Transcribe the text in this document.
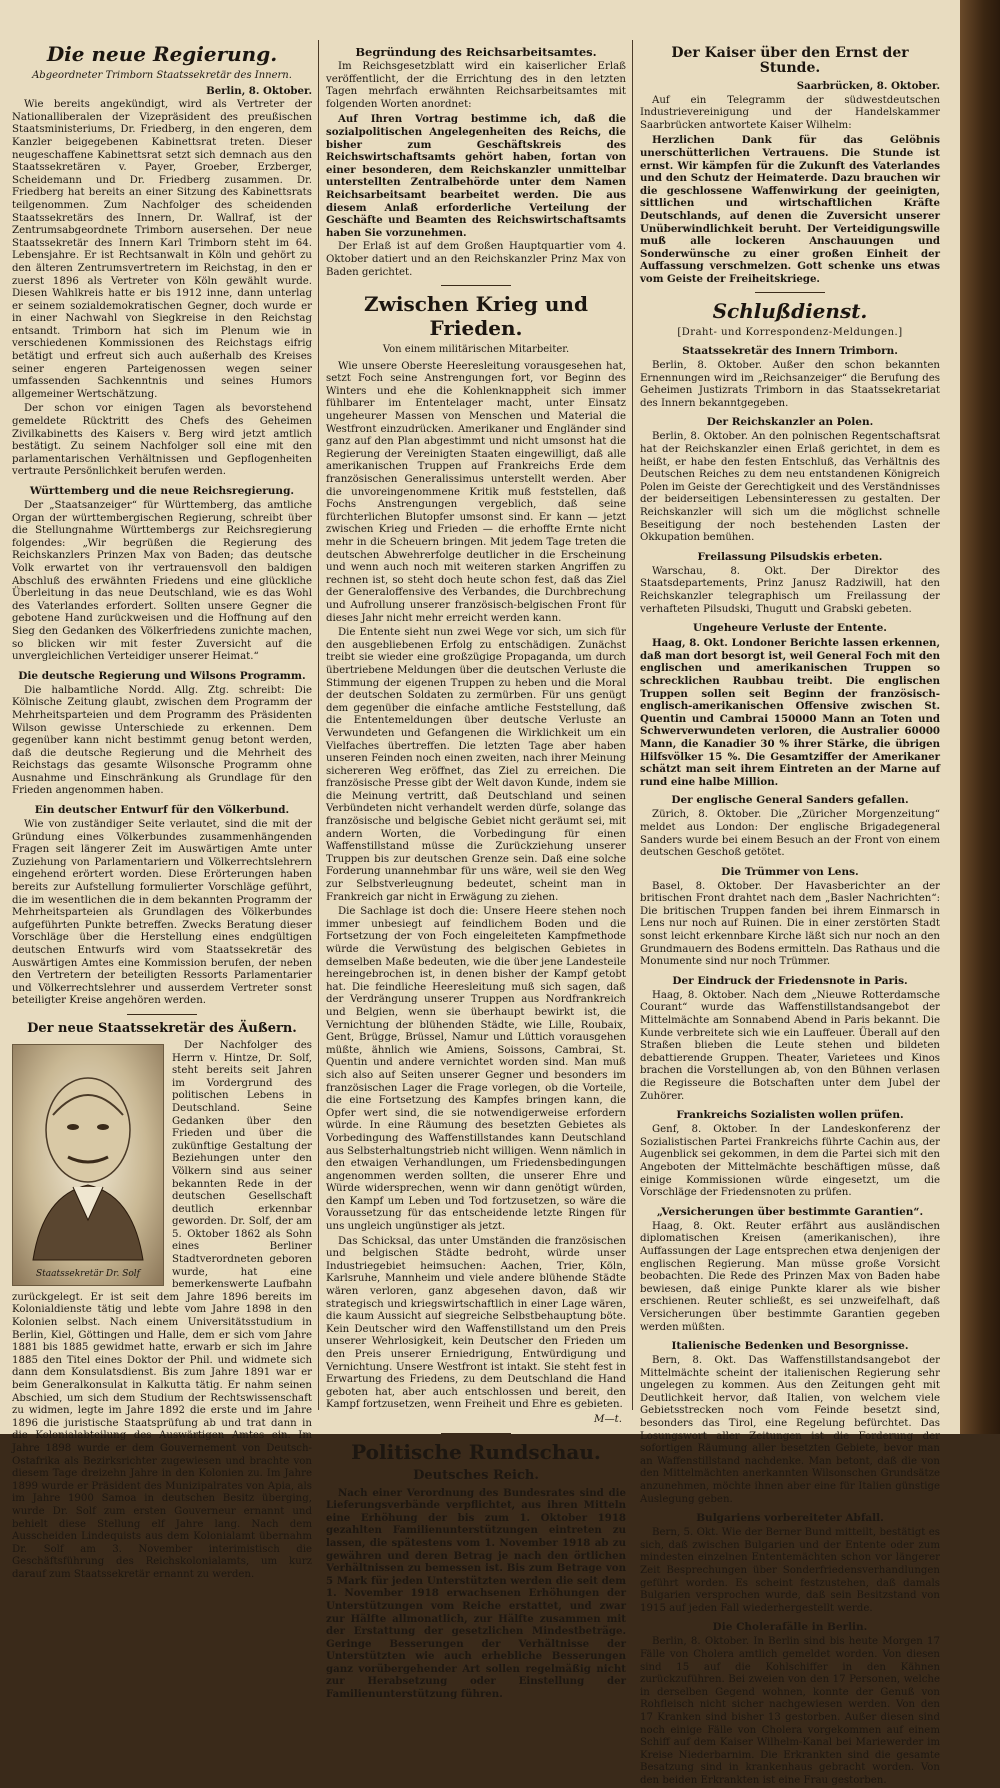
Die neue Regierung.
Abgeordneter Trimborn Staatssekretär des Innern.
Berlin, 8. Oktober.

Wie bereits angekündigt, wird als Vertreter der Nationalliberalen der Vizepräsident des preußischen Staatsministeriums, Dr. Friedberg, in den engeren, dem Kanzler beigegebenen Kabinettsrat treten. Dieser neugeschaffene Kabinettsrat setzt sich demnach aus den Staatssekretären v. Payer, Groeber, Erzberger, Scheidemann und Dr. Friedberg zusammen. Dr. Friedberg hat bereits an einer Sitzung des Kabinettsrats teilgenommen. Zum Nachfolger des scheidenden Staatssekretärs des Innern, Dr. Wallraf, ist der Zentrumsabgeordnete Trimborn ausersehen. Der neue Staatssekretär des Innern Karl Trimborn steht im 64. Lebensjahre. Er ist Rechtsanwalt in Köln und gehört zu den älteren Zentrumsvertretern im Reichstag, in den er zuerst 1896 als Vertreter von Köln gewählt wurde. Diesen Wahlkreis hatte er bis 1912 inne, dann unterlag er seinem sozialdemokratischen Gegner, doch wurde er in einer Nachwahl von Siegkreise in den Reichstag entsandt. Trimborn hat sich im Plenum wie in verschiedenen Kommissionen des Reichstags eifrig betätigt und erfreut sich auch außerhalb des Kreises seiner engeren Parteigenossen wegen seiner umfassenden Sachkenntnis und seines Humors allgemeiner Wertschätzung.

Der schon vor einigen Tagen als bevorstehend gemeldete Rücktritt des Chefs des Geheimen Zivilkabinetts des Kaisers v. Berg wird jetzt amtlich bestätigt. Zu seinem Nachfolger soll eine mit den parlamentarischen Verhältnissen und Gepflogenheiten vertraute Persönlichkeit berufen werden.

Württemberg und die neue Reichsregierung.

Der „Staatsanzeiger“ für Württemberg, das amtliche Organ der württembergischen Regierung, schreibt über die Stellungnahme Württembergs zur Reichsregierung folgendes: „Wir begrüßen die Regierung des Reichskanzlers Prinzen Max von Baden; das deutsche Volk erwartet von ihr vertrauensvoll den baldigen Abschluß des erwähnten Friedens und eine glückliche Überleitung in das neue Deutschland, wie es das Wohl des Vaterlandes erfordert. Sollten unsere Gegner die gebotene Hand zurückweisen und die Hoffnung auf den Sieg den Gedanken des Völkerfriedens zunichte machen, so blicken wir mit fester Zuversicht auf die unvergleichlichen Verteidiger unserer Heimat.“

Die deutsche Regierung und Wilsons Programm.

Die halbamtliche Nordd. Allg. Ztg. schreibt: Die Kölnische Zeitung glaubt, zwischen dem Programm der Mehrheitsparteien und dem Programm des Präsidenten Wilson gewisse Unterschiede zu erkennen. Dem gegenüber kann nicht bestimmt genug betont werden, daß die deutsche Regierung und die Mehrheit des Reichstags das gesamte Wilsonsche Programm ohne Ausnahme und Einschränkung als Grundlage für den Frieden angenommen haben.

Ein deutscher Entwurf für den Völkerbund.

Wie von zuständiger Seite verlautet, sind die mit der Gründung eines Völkerbundes zusammenhängenden Fragen seit längerer Zeit im Auswärtigen Amte unter Zuziehung von Parlamentariern und Völkerrechtslehrern eingehend erörtert worden. Diese Erörterungen haben bereits zur Aufstellung formulierter Vorschläge geführt, die im wesentlichen die in dem bekannten Programm der Mehrheitsparteien als Grundlagen des Völkerbundes aufgeführten Punkte betreffen. Zwecks Beratung dieser Vorschläge über die Herstellung eines endgültigen deutschen Entwurfs wird vom Staatssekretär des Auswärtigen Amtes eine Kommission berufen, der neben den Vertretern der beteiligten Ressorts Parlamentarier und Völkerrechtslehrer und ausserdem Vertreter sonst beteiligter Kreise angehören werden.

Der neue Staatssekretär des Äußern.
Staatssekretär Dr. Solf

Der Nachfolger des Herrn v. Hintze, Dr. Solf, steht bereits seit Jahren im Vordergrund des politischen Lebens in Deutschland. Seine Gedanken über den Frieden und über die zukünftige Gestaltung der Beziehungen unter den Völkern sind aus seiner bekannten Rede in der deutschen Gesellschaft deutlich erkennbar geworden. Dr. Solf, der am 5. Oktober 1862 als Sohn eines Berliner Stadtverordneten geboren wurde, hat eine bemerkenswerte Laufbahn zurückgelegt. Er ist seit dem Jahre 1896 bereits im Kolonialdienste tätig und lebte vom Jahre 1898 in den Kolonien selbst. Nach einem Universitätsstudium in Berlin, Kiel, Göttingen und Halle, dem er sich vom Jahre 1881 bis 1885 gewidmet hatte, erwarb er sich im Jahre 1885 den Titel eines Doktor der Phil. und widmete sich dann dem Konsulatsdienst. Bis zum Jahre 1891 war er beim Generalkonsulat in Kalkutta tätig. Er nahm seinen Abschied, um sich dem Studium der Rechtswissenschaft zu widmen, legte im Jahre 1892 die erste und im Jahre 1896 die juristische Staatsprüfung ab und trat dann in die Kolonialabteilung des Auswärtigen Amtes ein. Im Jahre 1898 wurde er dem Gouvernement von Deutsch-Ostafrika als Bezirksrichter zugewiesen und brachte von diesem Tage dreizehn Jahre in den Kolonien zu. Im Jahre 1899 wurde er Präsident des Munizipalrates von Apia, als im Jahre 1900 Samoa in deutschen Besitz überging, wurde Dr. Solf zum ersten Gouverneur ernannt und behielt diese Stellung elf Jahre lang. Nach dem Ausscheiden Lindequists aus dem Kolonialamt übernahm Dr. Solf am 3. November interimistisch die Geschäftsführung des Reichskolonialamts, um kurz darauf zum Staatssekretär ernannt zu werden.

Begründung des Reichsarbeitsamtes.

Im Reichsgesetzblatt wird ein kaiserlicher Erlaß veröffentlicht, der die Errichtung des in den letzten Tagen mehrfach erwähnten Reichsarbeitsamtes mit folgenden Worten anordnet:

Auf Ihren Vortrag bestimme ich, daß die sozialpolitischen Angelegenheiten des Reichs, die bisher zum Geschäftskreis des Reichswirtschaftsamts gehört haben, fortan von einer besonderen, dem Reichskanzler unmittelbar unterstellten Zentralbehörde unter dem Namen Reichsarbeitsamt bearbeitet werden. Die aus diesem Anlaß erforderliche Verteilung der Geschäfte und Beamten des Reichswirtschaftsamts haben Sie vorzunehmen.

Der Erlaß ist auf dem Großen Hauptquartier vom 4. Oktober datiert und an den Reichskanzler Prinz Max von Baden gerichtet.

Zwischen Krieg und Frieden.
Von einem militärischen Mitarbeiter.

Wie unsere Oberste Heeresleitung vorausgesehen hat, setzt Foch seine Anstrengungen fort, vor Beginn des Winters und ehe die Kohlenknappheit sich immer fühlbarer im Ententelager macht, unter Einsatz ungeheurer Massen von Menschen und Material die Westfront einzudrücken. Amerikaner und Engländer sind ganz auf den Plan abgestimmt und nicht umsonst hat die Regierung der Vereinigten Staaten eingewilligt, daß alle amerikanischen Truppen auf Frankreichs Erde dem französischen Generalissimus unterstellt werden. Aber die unvoreingenommene Kritik muß feststellen, daß Fochs Anstrengungen vergeblich, daß seine fürchterlichen Blutopfer umsonst sind. Er kann — jetzt zwischen Krieg und Frieden — die erhoffte Ernte nicht mehr in die Scheuern bringen. Mit jedem Tage treten die deutschen Abwehrerfolge deutlicher in die Erscheinung und wenn auch noch mit weiteren starken Angriffen zu rechnen ist, so steht doch heute schon fest, daß das Ziel der Generaloffensive des Verbandes, die Durchbrechung und Aufrollung unserer französisch-belgischen Front für dieses Jahr nicht mehr erreicht werden kann.

Die Entente sieht nun zwei Wege vor sich, um sich für den ausgebliebenen Erfolg zu entschädigen. Zunächst treibt sie wieder eine großzügige Propaganda, um durch übertriebene Meldungen über die deutschen Verluste die Stimmung der eigenen Truppen zu heben und die Moral der deutschen Soldaten zu zermürben. Für uns genügt dem gegenüber die einfache amtliche Feststellung, daß die Ententemeldungen über deutsche Verluste an Verwundeten und Gefangenen die Wirklichkeit um ein Vielfaches übertreffen. Die letzten Tage aber haben unseren Feinden noch einen zweiten, nach ihrer Meinung sichereren Weg eröffnet, das Ziel zu erreichen. Die französische Presse gibt der Welt davon Kunde, indem sie die Meinung vertritt, daß Deutschland und seinen Verbündeten nicht verhandelt werden dürfe, solange das französische und belgische Gebiet nicht geräumt sei, mit andern Worten, die Vorbedingung für einen Waffenstillstand müsse die Zurückziehung unserer Truppen bis zur deutschen Grenze sein. Daß eine solche Forderung unannehmbar für uns wäre, weil sie den Weg zur Selbstverleugnung bedeutet, scheint man in Frankreich gar nicht in Erwägung zu ziehen.

Die Sachlage ist doch die: Unsere Heere stehen noch immer unbesiegt auf feindlichem Boden und die Fortsetzung der von Foch eingeleiteten Kampfmethode würde die Verwüstung des belgischen Gebietes in demselben Maße bedeuten, wie die über jene Landesteile hereingebrochen ist, in denen bisher der Kampf getobt hat. Die feindliche Heeresleitung muß sich sagen, daß der Verdrängung unserer Truppen aus Nordfrankreich und Belgien, wenn sie überhaupt bewirkt ist, die Vernichtung der blühenden Städte, wie Lille, Roubaix, Gent, Brügge, Brüssel, Namur und Lüttich vorausgehen müßte, ähnlich wie Amiens, Soissons, Cambrai, St. Quentin und andere vernichtet worden sind. Man muß sich also auf Seiten unserer Gegner und besonders im französischen Lager die Frage vorlegen, ob die Vorteile, die eine Fortsetzung des Kampfes bringen kann, die Opfer wert sind, die sie notwendigerweise erfordern würde. In eine Räumung des besetzten Gebietes als Vorbedingung des Waffenstillstandes kann Deutschland aus Selbsterhaltungstrieb nicht willigen. Wenn nämlich in den etwaigen Verhandlungen, um Friedensbedingungen angenommen werden sollten, die unserer Ehre und Würde widersprechen, wenn wir dann genötigt würden, den Kampf um Leben und Tod fortzusetzen, so wäre die Voraussetzung für das entscheidende letzte Ringen für uns ungleich ungünstiger als jetzt.

Das Schicksal, das unter Umständen die französischen und belgischen Städte bedroht, würde unser Industriegebiet heimsuchen: Aachen, Trier, Köln, Karlsruhe, Mannheim und viele andere blühende Städte wären verloren, ganz abgesehen davon, daß wir strategisch und kriegswirtschaftlich in einer Lage wären, die kaum Aussicht auf siegreiche Selbstbehauptung böte. Kein Deutscher wird den Waffenstillstand um den Preis unserer Wehrlosigkeit, kein Deutscher den Frieden um den Preis unserer Erniedrigung, Entwürdigung und Vernichtung. Unsere Westfront ist intakt. Sie steht fest in Erwartung des Friedens, zu dem Deutschland die Hand geboten hat, aber auch entschlossen und bereit, den Kampf fortzusetzen, wenn Freiheit und Ehre es gebieten.

M—t.
Politische Rundschau.
Deutsches Reich.

Nach einer Verordnung des Bundesrates sind die Lieferungsverbände verpflichtet, aus ihren Mitteln eine Erhöhung der bis zum 1. Oktober 1918 gezahlten Familienunterstützungen eintreten zu lassen, die spätestens vom 1. November 1918 ab zu gewähren und deren Betrag je nach den örtlichen Verhältnissen zu bemessen ist. Bis zum Betrage von 5 Mark für jeden Unterstützten werden die seit dem 1. November 1918 erwachsenen Erhöhungen der Unterstützungen vom Reiche erstattet, und zwar zur Hälfte allmonatlich, zur Hälfte zusammen mit der Erstattung der gesetzlichen Mindestbeträge. Geringe Besserungen der Verhältnisse der Unterstützten wie auch erhebliche Besserungen ganz vorübergehender Art sollen regelmäßig nicht zur Herabsetzung oder Einstellung der Familienunterstützung führen.

Der Kaiser über den Ernst der Stunde.
Saarbrücken, 8. Oktober.

Auf ein Telegramm der südwestdeutschen Industrievereinigung und der Handelskammer Saarbrücken antwortete Kaiser Wilhelm:

Herzlichen Dank für das Gelöbnis unerschütterlichen Vertrauens. Die Stunde ist ernst. Wir kämpfen für die Zukunft des Vaterlandes und den Schutz der Heimaterde. Dazu brauchen wir die geschlossene Waffenwirkung der geeinigten, sittlichen und wirtschaftlichen Kräfte Deutschlands, auf denen die Zuversicht unserer Unüberwindlichkeit beruht. Der Verteidigungswille muß alle lockeren Anschauungen und Sonderwünsche zu einer großen Einheit der Auffassung verschmelzen. Gott schenke uns etwas vom Geiste der Freiheitskriege.

Schlußdienst.
[Draht- und Korrespondenz-Meldungen.]
Staatssekretär des Innern Trimborn.

Berlin, 8. Oktober. Außer den schon bekannten Ernennungen wird im „Reichsanzeiger“ die Berufung des Geheimen Justizrats Trimborn in das Staatssekretariat des Innern bekanntgegeben.

Der Reichskanzler an Polen.

Berlin, 8. Oktober. An den polnischen Regentschaftsrat hat der Reichskanzler einen Erlaß gerichtet, in dem es heißt, er habe den festen Entschluß, das Verhältnis des Deutschen Reiches zu dem neu entstandenen Königreich Polen im Geiste der Gerechtigkeit und des Verständnisses der beiderseitigen Lebensinteressen zu gestalten. Der Reichskanzler will sich um die möglichst schnelle Beseitigung der noch bestehenden Lasten der Okkupation bemühen.

Freilassung Pilsudskis erbeten.

Warschau, 8. Okt. Der Direktor des Staatsdepartements, Prinz Janusz Radziwill, hat den Reichskanzler telegraphisch um Freilassung der verhafteten Pilsudski, Thugutt und Grabski gebeten.

Ungeheure Verluste der Entente.

Haag, 8. Okt. Londoner Berichte lassen erkennen, daß man dort besorgt ist, weil General Foch mit den englischen und amerikanischen Truppen so schrecklichen Raubbau treibt. Die englischen Truppen sollen seit Beginn der französisch-englisch-amerikanischen Offensive zwischen St. Quentin und Cambrai 150000 Mann an Toten und Schwerverwundeten verloren, die Australier 60000 Mann, die Kanadier 30 % ihrer Stärke, die übrigen Hilfsvölker 15 %. Die Gesamtziffer der Amerikaner schätzt man seit ihrem Eintreten an der Marne auf rund eine halbe Million.

Der englische General Sanders gefallen.

Zürich, 8. Oktober. Die „Züricher Morgenzeitung“ meldet aus London: Der englische Brigadegeneral Sanders wurde bei einem Besuch an der Front von einem deutschen Geschoß getötet.

Die Trümmer von Lens.

Basel, 8. Oktober. Der Havasberichter an der britischen Front drahtet nach dem „Basler Nachrichten“: Die britischen Truppen fanden bei ihrem Einmarsch in Lens nur noch auf Ruinen. Die in einer zerstörten Stadt sonst leicht erkennbare Kirche läßt sich nur noch an den Grundmauern des Bodens ermitteln. Das Rathaus und die Monumente sind nur noch Trümmer.

Der Eindruck der Friedensnote in Paris.

Haag, 8. Oktober. Nach dem „Nieuwe Rotterdamsche Courant“ wurde das Waffenstillstandsangebot der Mittelmächte am Sonnabend Abend in Paris bekannt. Die Kunde verbreitete sich wie ein Lauffeuer. Überall auf den Straßen blieben die Leute stehen und bildeten debattierende Gruppen. Theater, Varietees und Kinos brachen die Vorstellungen ab, von den Bühnen verlasen die Regisseure die Botschaften unter dem Jubel der Zuhörer.

Frankreichs Sozialisten wollen prüfen.

Genf, 8. Oktober. In der Landeskonferenz der Sozialistischen Partei Frankreichs führte Cachin aus, der Augenblick sei gekommen, in dem die Partei sich mit den Angeboten der Mittelmächte beschäftigen müsse, daß einige Kommissionen würde eingesetzt, um die Vorschläge der Friedensnoten zu prüfen.

„Versicherungen über bestimmte Garantien“.

Haag, 8. Okt. Reuter erfährt aus ausländischen diplomatischen Kreisen (amerikanischen), ihre Auffassungen der Lage entsprechen etwa denjenigen der englischen Regierung. Man müsse große Vorsicht beobachten. Die Rede des Prinzen Max von Baden habe bewiesen, daß einige Punkte klarer als wie bisher erschienen. Reuter schließt, es sei unzweifelhaft, daß Versicherungen über bestimmte Garantien gegeben werden müßten.

Italienische Bedenken und Besorgnisse.

Bern, 8. Okt. Das Waffenstillstandsangebot der Mittelmächte scheint der italienischen Regierung sehr ungelegen zu kommen. Aus den Zeitungen geht mit Deutlichkeit hervor, daß Italien, von welchem viele Gebietsstrecken noch vom Feinde besetzt sind, besonders das Tirol, eine Regelung befürchtet. Das Losungswort aller Zeitungen ist die Forderung der sofortigen Räumung aller besetzten Gebiete, bevor man an Waffenstillstand nachdenke. Man betont, daß die von den Mittelmächten anerkannten Wilsonschen Grundsätze anzunehmen, möchte ihnen aber eine für Italien günstige Auslegung geben.

Bulgariens vorbereiteter Abfall.

Bern, 5. Okt. Wie der Berner Bund mitteilt, bestätigt es sich, daß zwischen Bulgarien und der Entente oder zum mindesten einzelnen Ententemächten schon vor längerer Zeit Besprechungen über Sonderfriedensverhandlungen geführt worden. Es scheint festzustehen, daß damals Bulgarien versprochen wurde, daß sein Besitzstand von 1915 auf jeden Fall wiederhergestellt werde.

Die Cholerafälle in Berlin.

Berlin, 8. Oktober. In Berlin sind bis heute Morgen 17 Fälle von Cholera amtlich gemeldet worden. Von diesen sind 15 auf die Kohlschiffer in den Kähnen zurückzuführen. Bei zweien von den 17 Personen, welche in derselben Gegend wohnen, konnte der Genuß von Rohfleisch nicht sicher nachgewiesen werden. Von den 17 Kranken sind bisher 13 gestorben. Außer diesen sind noch einige Fälle von Cholera vorgekommen auf einem Schiff auf dem Kaiser Wilhelm-Kanal bei Mariewerder im Kreise Niederbarnim. Die Erkrankten sind die gesamte Besatzung sind in krankenhaus gebracht worden. Von den beiden Erkrankten ist eine Frau gestorben.
